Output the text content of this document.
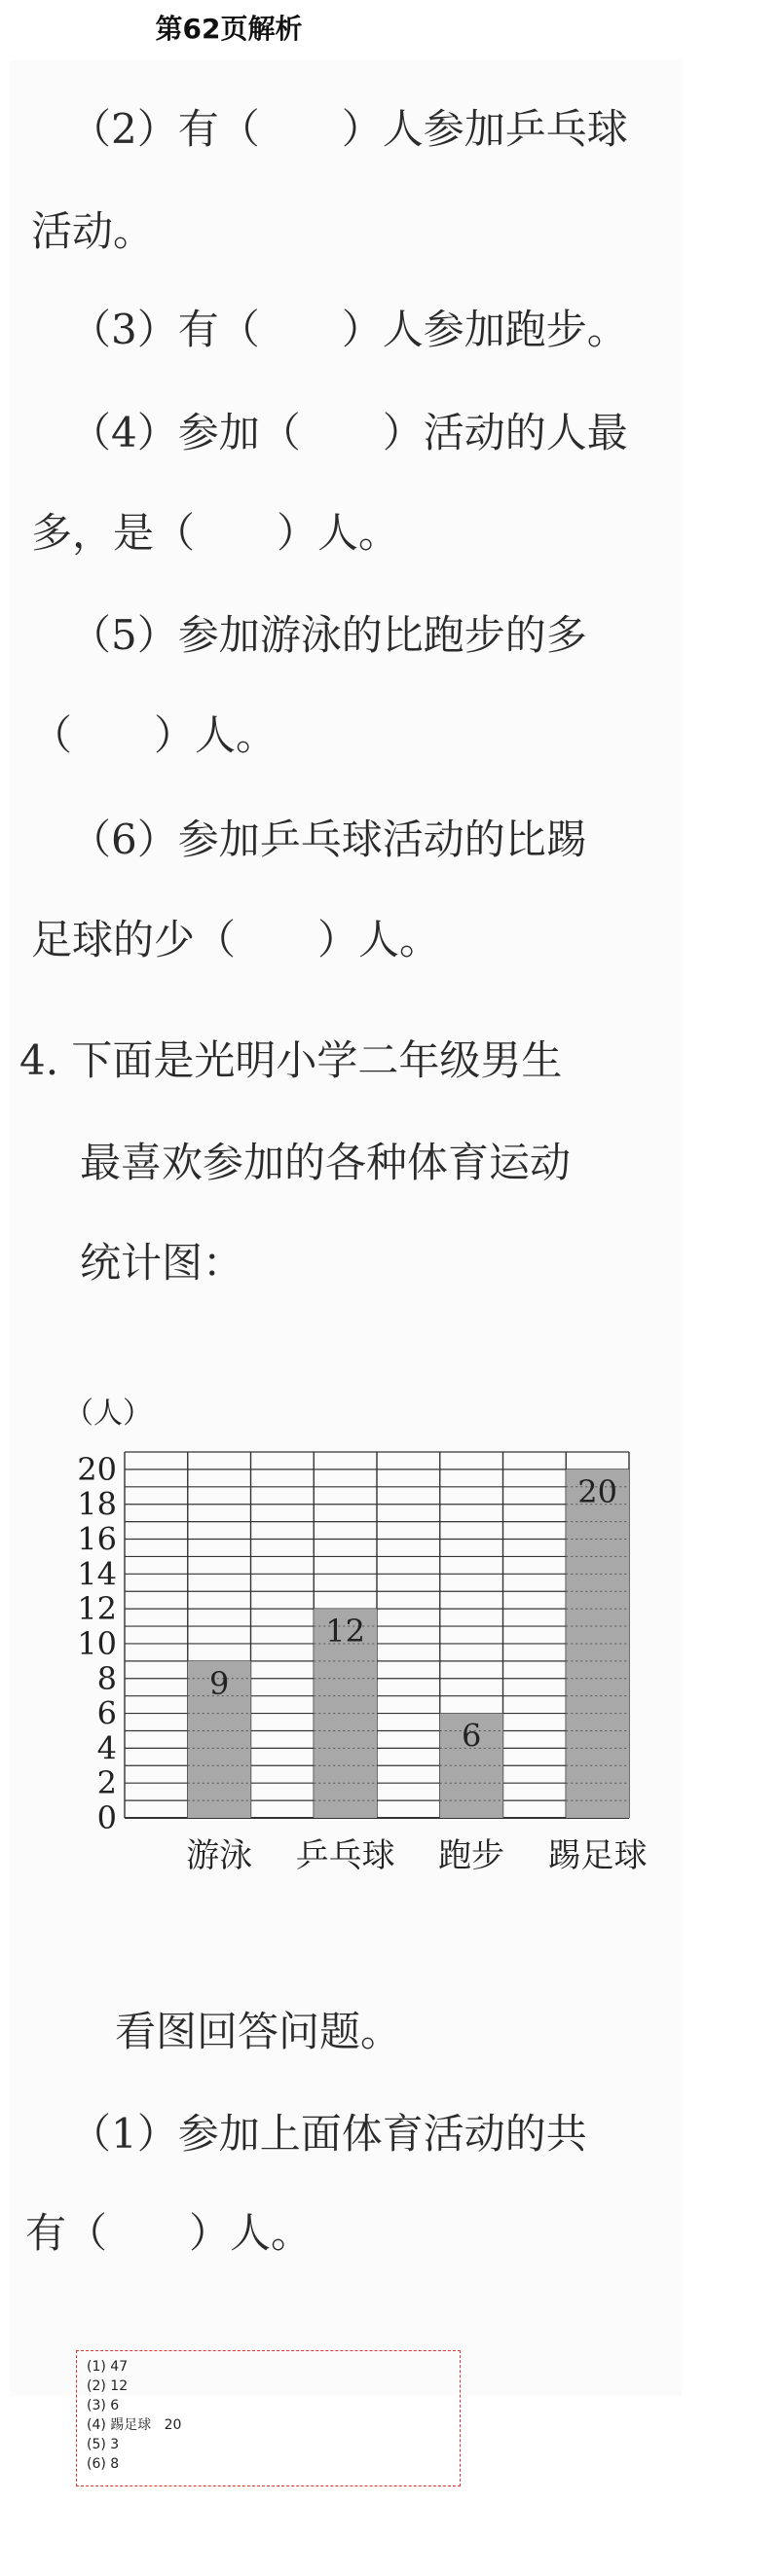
第62页解析
（2）有（　　）人参加乒乓球
活动。
（3）有（　　）人参加跑步。
（4）参加（　　）活动的人最
多，是（　　）人。
（5）参加游泳的比跑步的多
（　　）人。
（6）参加乒乓球活动的比踢
足球的少（　　）人。
4. 下面是光明小学二年级男生
最喜欢参加的各种体育运动
统计图：
9
12
6
20
0
2
4
6
8
10
12
14
16
18
20
（人）
游泳 乒乓球 跑步 踢足球
看图回答问题。
（1）参加上面体育活动的共
有（　　）人。
(1) 47
(2) 12
(3) 6
(4) 踢足球   20
(5) 3
(6) 8
